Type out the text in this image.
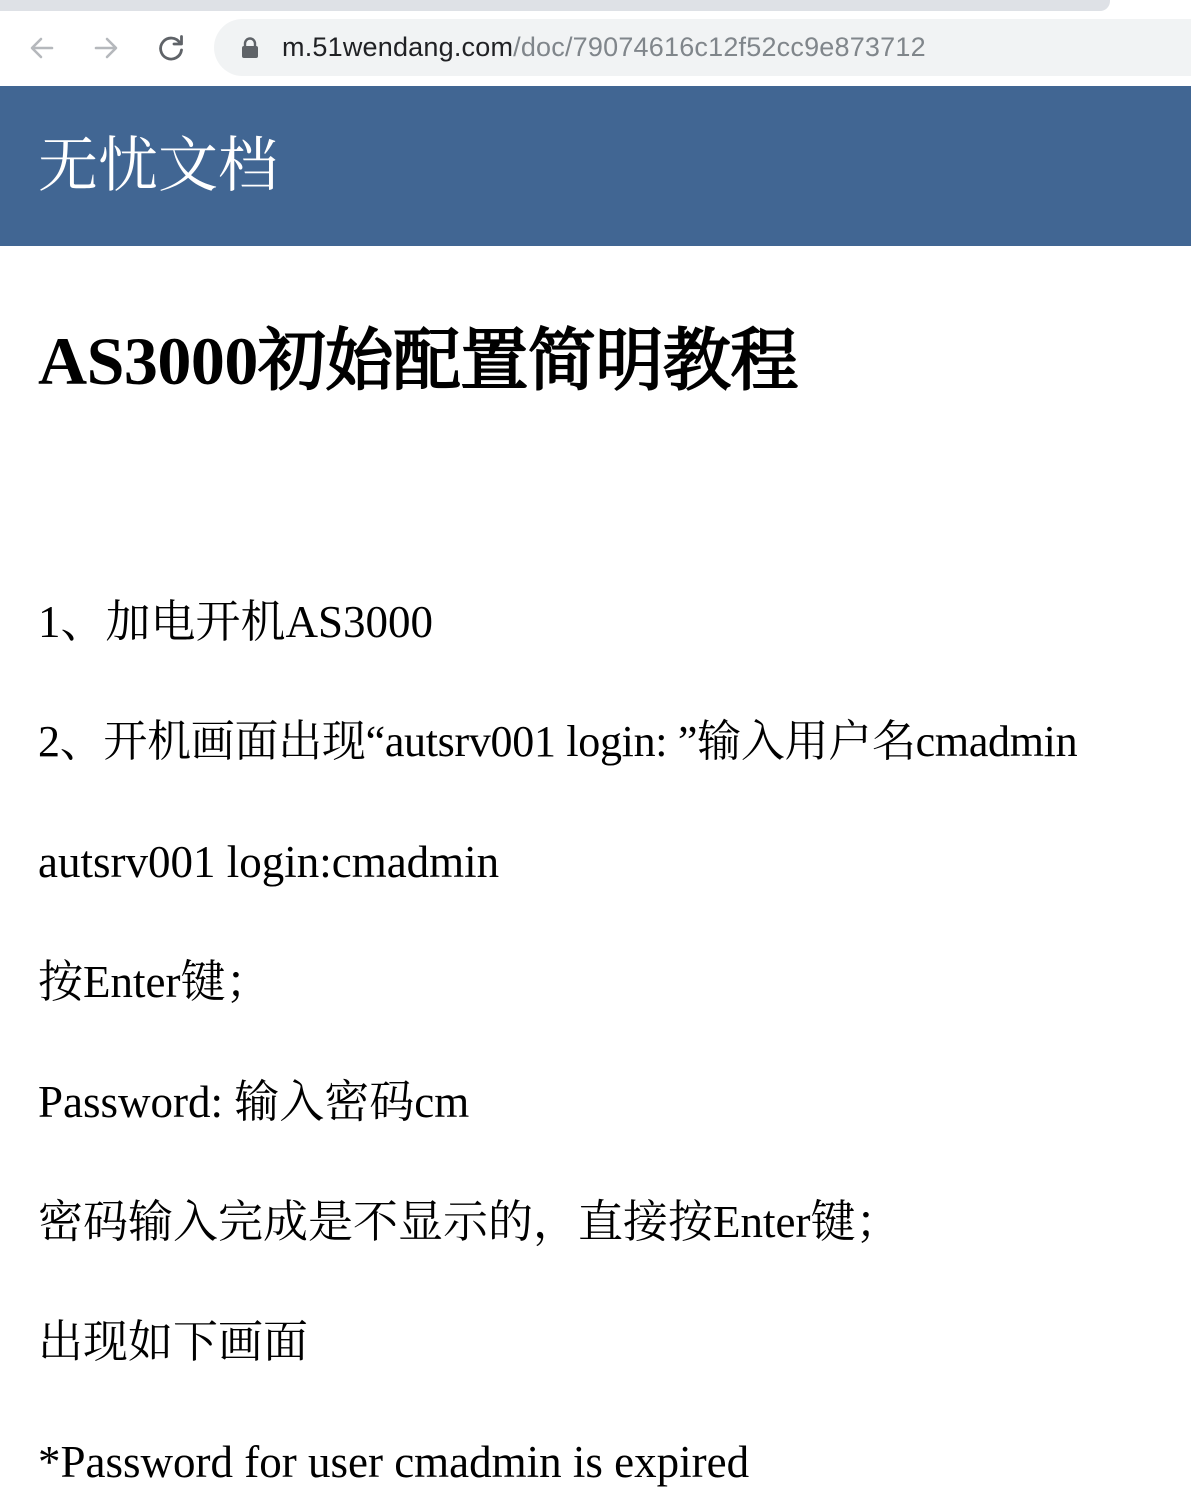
m.51wendang.com/doc/79074616c12f52cc9e873712
无忧文档
AS3000初始配置简明教程

1、加电开机AS3000

2、开机画面出现“autsrv001 login: ”输入用户名cmadmin

autsrv001 login:cmadmin

按Enter键；

Password: 输入密码cm

密码输入完成是不显示的，直接按Enter键；

出现如下画面

*Password for user cmadmin is expired
